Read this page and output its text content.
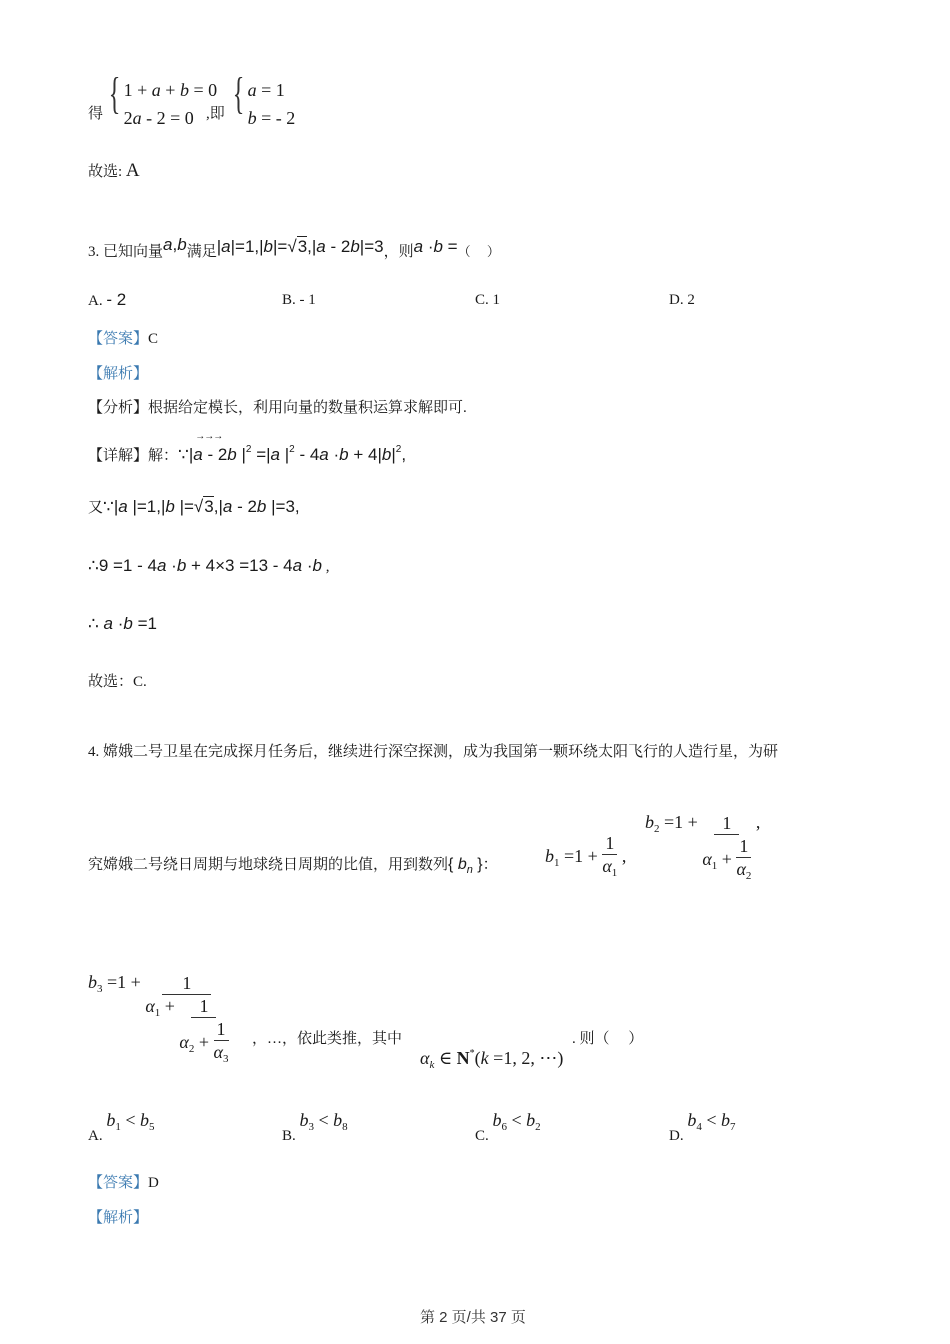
得 { 1 + a + b = 0
2a - 2 = 0 ,即 { a = 1
b = - 2
故选: A
3. 已知向量a,b满足|a|=1,|b|=√3,|a - 2b|=3，则a ·b =（　 ）
A. - 2	B. - 1	C. 1	D. 2
【答案】C
【解析】
【分析】根据给定模长，利用向量的数量积运算求解即可.
【详解】解：∵|
→→→
a - 2b $|^2 =|a$ $|^2 - 4a \cdot b + 4|b|^2$,
又∵|a |=1,|b |=√3,|a - 2b |=3,
∴9 =1 - 4a ·b + 4×3 =13 - 4a ·b ,
∴ a ·b =1
故选：C.
4. 嫦娥二号卫星在完成探月任务后，继续进行深空探测，成为我国第一颗环绕太阳飞行的人造行星，为研
究嫦娥二号绕日周期与地球绕日周期的比值，用到数列{ $b_n$ }：	$b_1 =1 + \frac{1}{\alpha_1}$ ,
$b_2 =1 + \frac{1}{\alpha_1 + \frac{1}{\alpha_2}}$ ,
$b_3 =1 + \frac{1}{\alpha_1 + \frac{1}{\alpha_2 + \frac{1}{\alpha_3}}}$ ，…，依此类推，其中
$\alpha_k$ ∈ N*(k =1, 2, ⋯)
. 则（　 ）
A. $b_1 < b_5$
B. $b_3 < b_8$
C. $b_6 < b_2$
D. $b_4 < b_7$
【答案】D
【解析】
第 2 页/共 37 页
